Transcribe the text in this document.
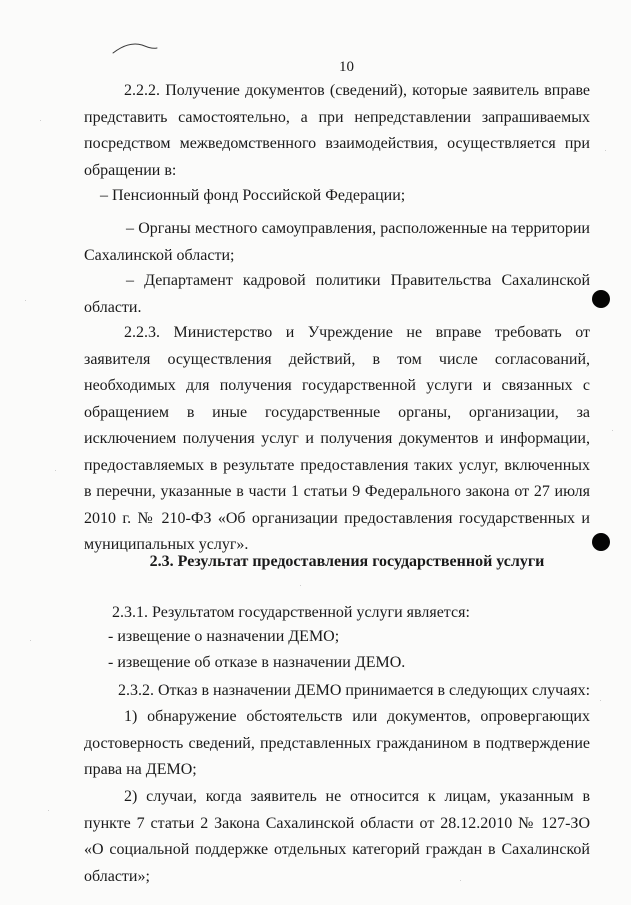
10

2.2.2. Получение документов (сведений), которые заявитель вправе представить самостоятельно, а при непредставлении запрашиваемых посредством межведомственного взаимодействия, осуществляется при обращении в:

– Пенсионный фонд Российской Федерации;

– Органы местного самоуправления, расположенные на территории Сахалинской области;

– Департамент кадровой политики Правительства Сахалинской области.

2.2.3. Министерство и Учреждение не вправе требовать от заявителя осуществления действий, в том числе согласований, необходимых для получения государственной услуги и связанных с обращением в иные государственные органы, организации, за исключением получения услуг и получения документов и информации, предоставляемых в результате предоставления таких услуг, включенных в перечни, указанные в части 1 статьи 9 Федерального закона от 27 июля 2010 г. № 210-ФЗ «Об организации предоставления государственных и муниципальных услуг».

2.3. Результат предоставления государственной услуги

2.3.1. Результатом государственной услуги является:

- извещение о назначении ДЕМО;

- извещение об отказе в назначении ДЕМО.

2.3.2. Отказ в назначении ДЕМО принимается в следующих случаях:

1) обнаружение обстоятельств или документов, опровергающих достоверность сведений, представленных гражданином в подтверждение права на ДЕМО;

2) случаи, когда заявитель не относится к лицам, указанным в пункте 7 статьи 2 Закона Сахалинской области от 28.12.2010 № 127-ЗО «О социальной поддержке отдельных категорий граждан в Сахалинской области»;
